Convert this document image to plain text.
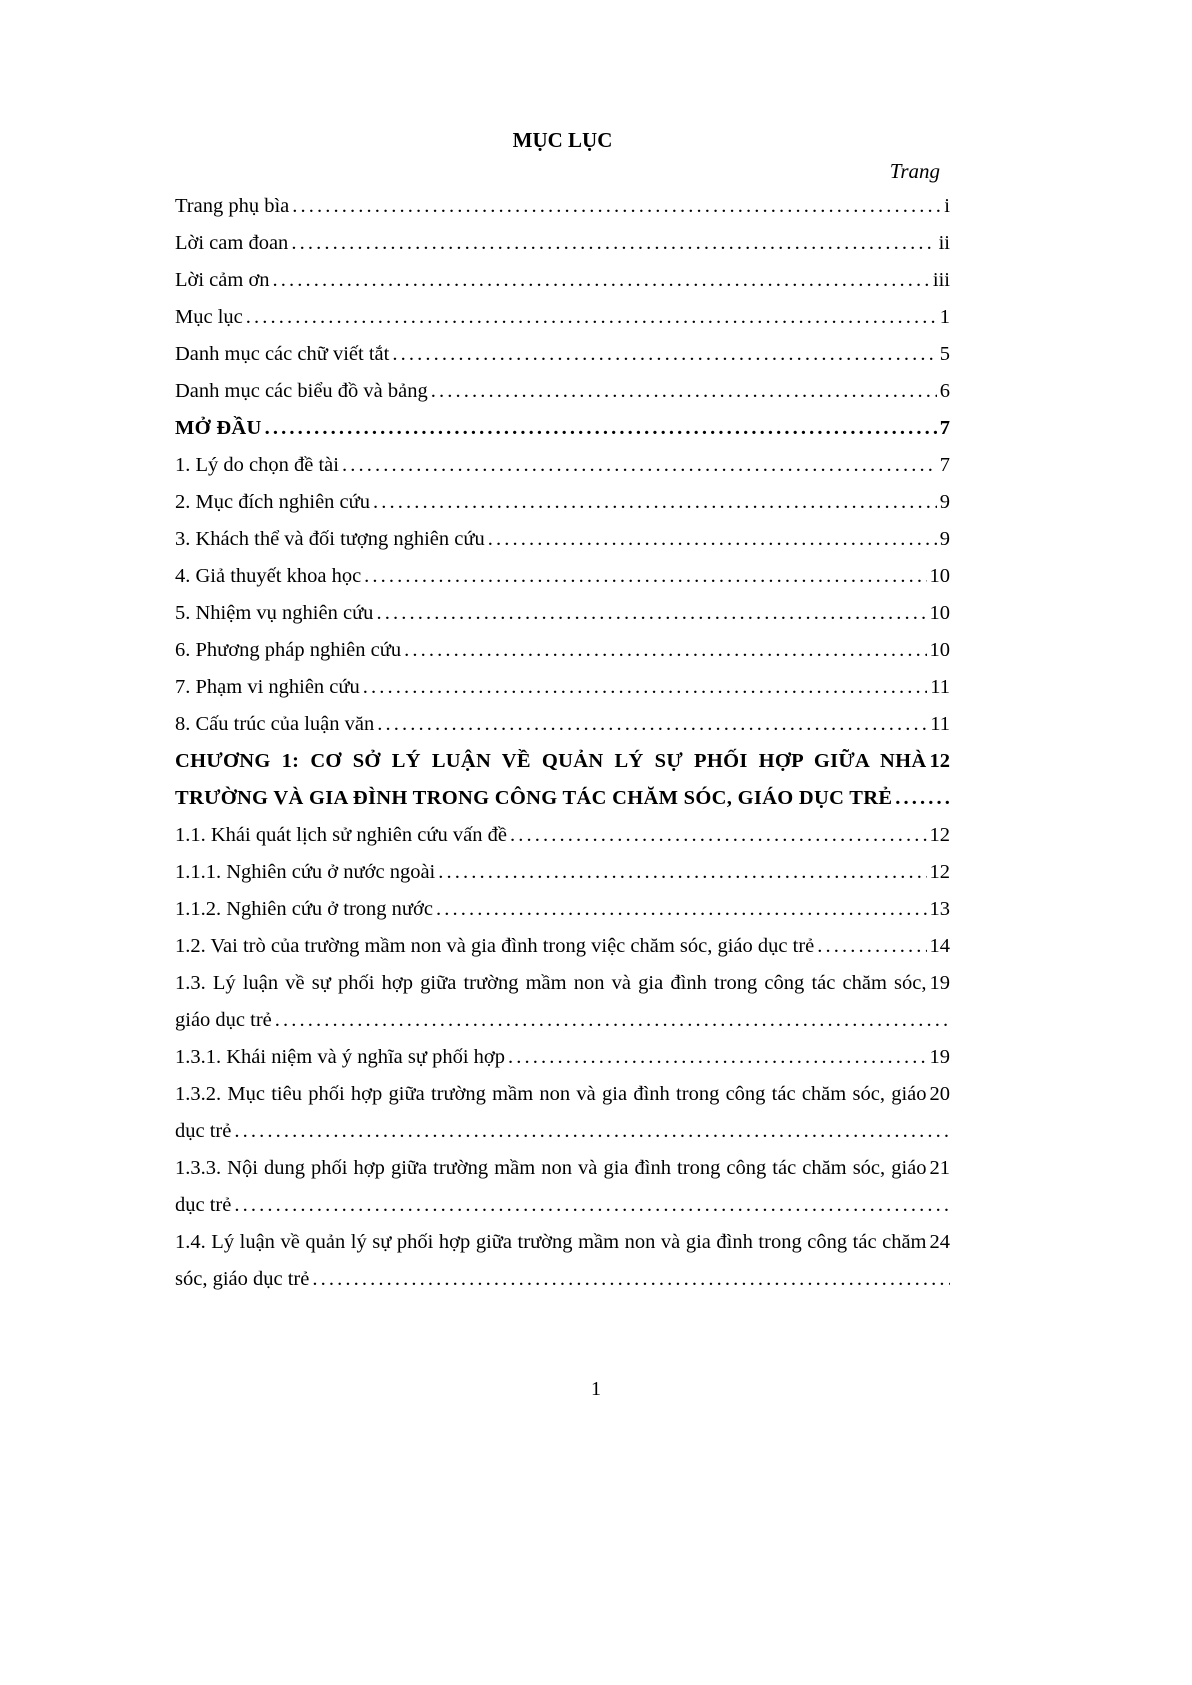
MỤC LỤC
Trang
i
Trang phụ bìa
ii
Lời cam đoan
iii
Lời cảm ơn
1
Mục lục
5
Danh mục các chữ viết tắt
6
Danh mục các biểu đồ và bảng
7
MỞ ĐẦU
7
1. Lý do chọn đề tài
9
2. Mục đích nghiên cứu
9
3. Khách thể và đối tượng nghiên cứu
10
4. Giả thuyết khoa học
10
5. Nhiệm vụ nghiên cứu
10
6. Phương pháp nghiên cứu
11
7. Phạm vi nghiên cứu
11
8. Cấu trúc của luận văn
12
CHƯƠNG 1: CƠ SỞ LÝ LUẬN VỀ QUẢN LÝ SỰ PHỐI HỢP GIỮA NHÀ TRƯỜNG VÀ GIA ĐÌNH TRONG CÔNG TÁC CHĂM SÓC, GIÁO DỤC TRẺ
12
1.1. Khái quát lịch sử nghiên cứu vấn đề
12
1.1.1. Nghiên cứu ở nước ngoài
13
1.1.2. Nghiên cứu ở trong nước
14
1.2. Vai trò của trường mầm non và gia đình trong việc chăm sóc, giáo dục trẻ
19
1.3. Lý luận về sự phối hợp giữa trường mầm non và gia đình trong công tác chăm sóc, giáo dục trẻ
19
1.3.1. Khái niệm và ý nghĩa sự phối hợp
20
1.3.2. Mục tiêu phối hợp giữa trường mầm non và gia đình trong công tác chăm sóc, giáo dục trẻ
21
1.3.3. Nội dung phối hợp giữa trường mầm non và gia đình trong công tác chăm sóc, giáo dục trẻ
24
1.4. Lý luận về quản lý sự phối hợp giữa trường mầm non và gia đình trong công tác chăm sóc, giáo dục trẻ
1
